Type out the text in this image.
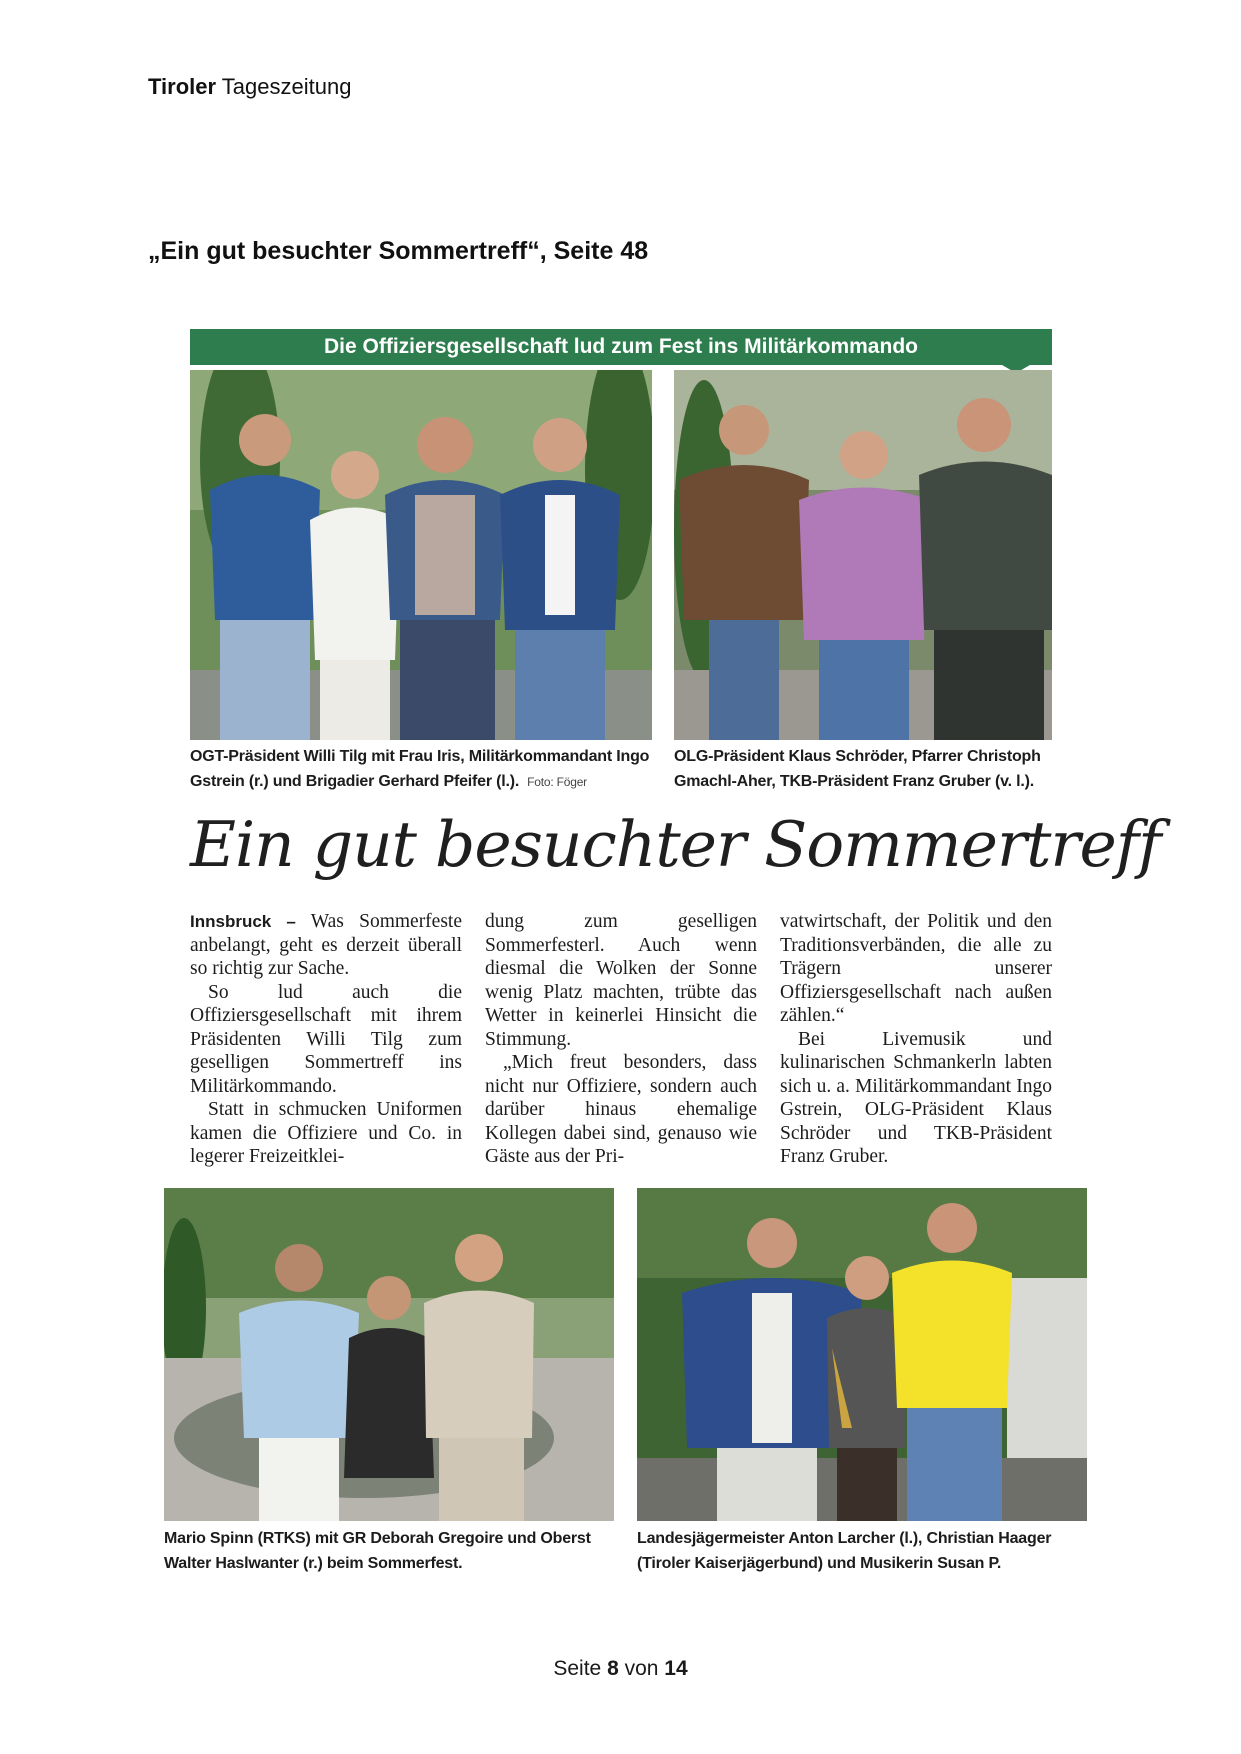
Tiroler Tageszeitung
„Ein gut besuchter Sommertreff“, Seite 48
Die Offiziersgesellschaft lud zum Fest ins Militärkommando
OGT-Präsident Willi Tilg mit Frau Iris, Militärkommandant Ingo Gstrein (r.) und Brigadier Gerhard Pfeifer (l.). Foto: Föger
OLG-Präsident Klaus Schröder, Pfarrer Christoph Gmachl-Aher, TKB-Präsident Franz Gruber (v. l.).
Ein gut besuchter Sommertreff

Innsbruck – Was Sommerfeste anbelangt, geht es derzeit überall so richtig zur Sache.

So lud auch die Offiziersgesellschaft mit ihrem Präsidenten Willi Tilg zum geselligen Sommertreff ins Militärkommando.

Statt in schmucken Uniformen kamen die Offiziere und Co. in legerer Freizeitklei-

dung zum geselligen Sommerfesterl. Auch wenn diesmal die Wolken der Sonne wenig Platz machten, trübte das Wetter in keinerlei Hinsicht die Stimmung.

„Mich freut besonders, dass nicht nur Offiziere, sondern auch darüber hinaus ehemalige Kollegen dabei sind, genauso wie Gäste aus der Pri-

vatwirtschaft, der Politik und den Traditionsverbänden, die alle zu Trägern unserer Offiziersgesellschaft nach außen zählen.“

Bei Livemusik und kulinarischen Schmankerln labten sich u. a. Militärkommandant Ingo Gstrein, OLG-Präsident Klaus Schröder und TKB-Präsident Franz Gruber.

Mario Spinn (RTKS) mit GR Deborah Gregoire und Oberst Walter Haslwanter (r.) beim Sommerfest.
Landesjägermeister Anton Larcher (l.), Christian Haager (Tiroler Kaiserjägerbund) und Musikerin Susan P.
Seite 8 von 14
